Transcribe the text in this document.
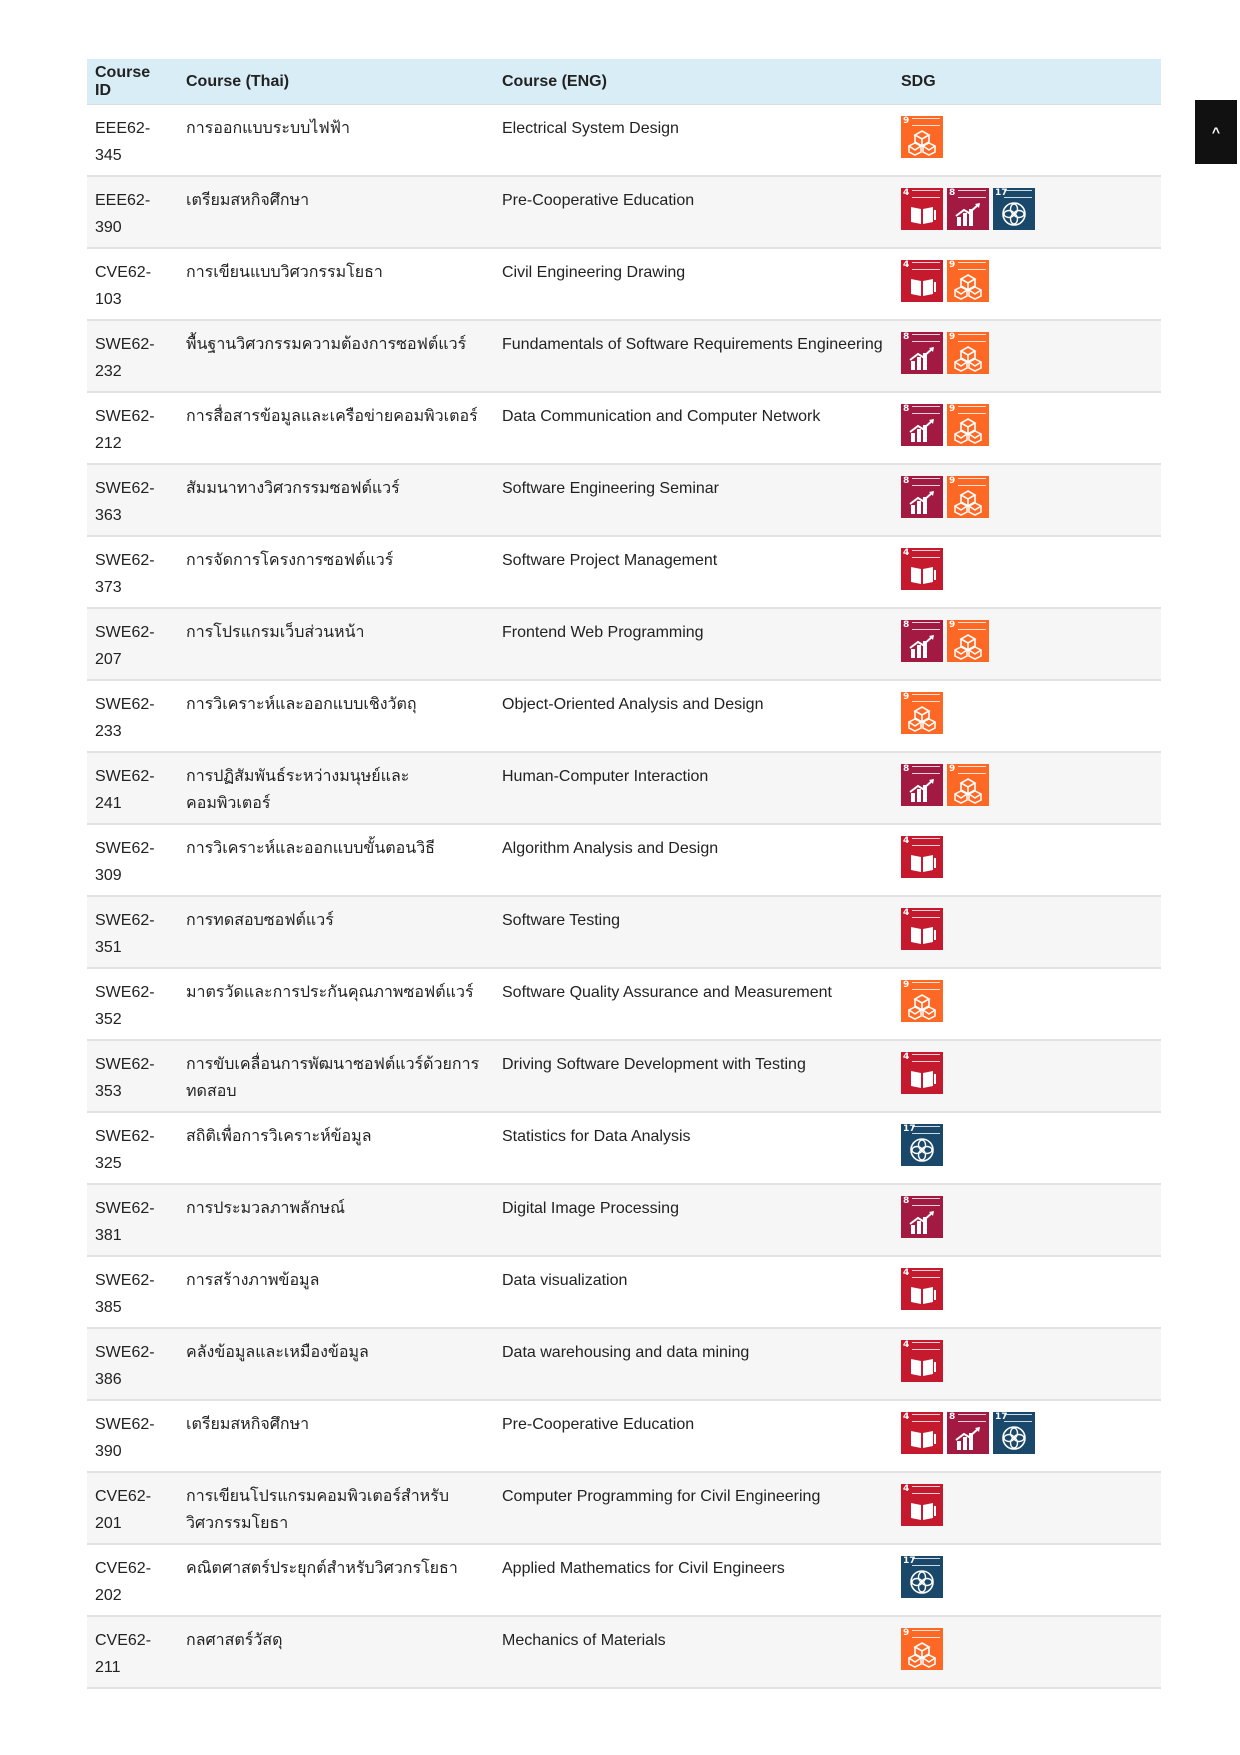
Course ID	Course (Thai)	Course (ENG)	SDG
EEE62-345	การออกแบบระบบไฟฟ้า	Electrical System Design	9

EEE62-390	เตรียมสหกิจศึกษา	Pre-Cooperative Education	4 8 17

CVE62-103	การเขียนแบบวิศวกรรมโยธา	Civil Engineering Drawing	4 9

SWE62-232	พื้นฐานวิศวกรรมความต้องการซอฟต์แวร์	Fundamentals of Software Requirements Engineering	8 9

SWE62-212	การสื่อสารข้อมูลและเครือข่ายคอมพิวเตอร์	Data Communication and Computer Network	8 9

SWE62-363	สัมมนาทางวิศวกรรมซอฟต์แวร์	Software Engineering Seminar	8 9

SWE62-373	การจัดการโครงการซอฟต์แวร์	Software Project Management	4

SWE62-207	การโปรแกรมเว็บส่วนหน้า	Frontend Web Programming	8 9

SWE62-233	การวิเคราะห์และออกแบบเชิงวัตถุ	Object-Oriented Analysis and Design	9

SWE62-241	การปฏิสัมพันธ์ระหว่างมนุษย์และคอมพิวเตอร์	Human-Computer Interaction	8 9

SWE62-309	การวิเคราะห์และออกแบบขั้นตอนวิธี	Algorithm Analysis and Design	4

SWE62-351	การทดสอบซอฟต์แวร์	Software Testing	4

SWE62-352	มาตรวัดและการประกันคุณภาพซอฟต์แวร์	Software Quality Assurance and Measurement	9

SWE62-353	การขับเคลื่อนการพัฒนาซอฟต์แวร์ด้วยการทดสอบ	Driving Software Development with Testing	4

SWE62-325	สถิติเพื่อการวิเคราะห์ข้อมูล	Statistics for Data Analysis	17

SWE62-381	การประมวลภาพลักษณ์	Digital Image Processing	8

SWE62-385	การสร้างภาพข้อมูล	Data visualization	4

SWE62-386	คลังข้อมูลและเหมืองข้อมูล	Data warehousing and data mining	4

SWE62-390	เตรียมสหกิจศึกษา	Pre-Cooperative Education	4 8 17

CVE62-201	การเขียนโปรแกรมคอมพิวเตอร์สำหรับวิศวกรรมโยธา	Computer Programming for Civil Engineering	4

CVE62-202	คณิตศาสตร์ประยุกต์สำหรับวิศวกรโยธา	Applied Mathematics for Civil Engineers	17

CVE62-211	กลศาสตร์วัสดุ	Mechanics of Materials	9
^
